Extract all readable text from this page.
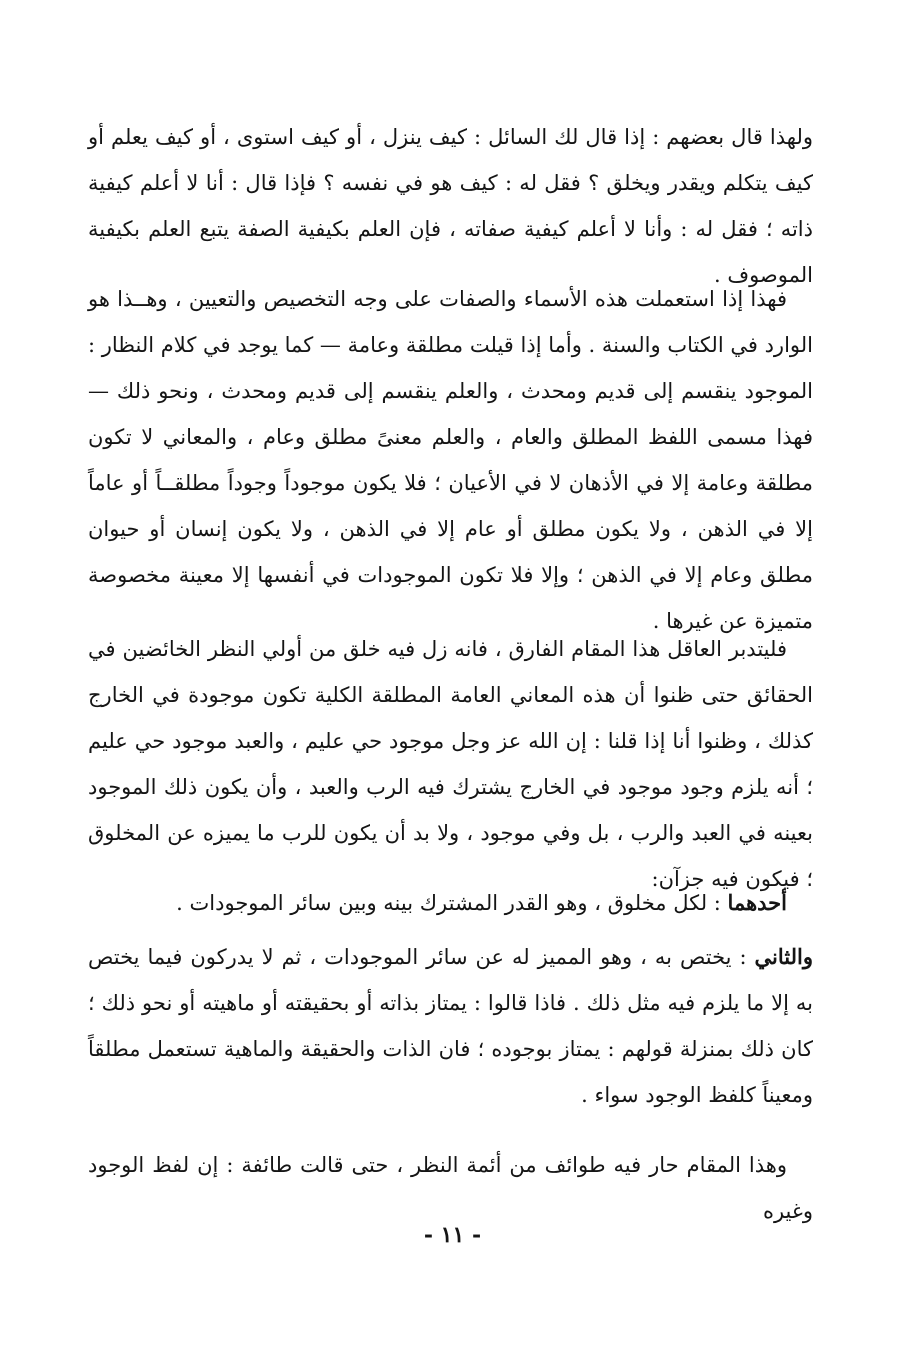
ولهذا قال بعضهم : إذا قال لك السائل : كيف ينزل ، أو كيف استوى ، أو كيف يعلم أو كيف يتكلم ويقدر ويخلق ؟ فقل له : كيف هو في نفسه ؟ فإذا قال : أنا لا أعلم كيفية ذاته ؛ فقل له : وأنا لا أعلم كيفية صفاته ، فإن العلم بكيفية الصفة يتبع العلم بكيفية الموصوف .

فهذا إذا استعملت هذه الأسماء والصفات على وجه التخصيص والتعيين ، وهــذا هو الوارد في الكتاب والسنة . وأما إذا قيلت مطلقة وعامة — كما يوجد في كلام النظار : الموجود ينقسم إلى قديم ومحدث ، والعلم ينقسم إلى قديم ومحدث ، ونحو ذلك — فهذا مسمى اللفظ المطلق والعام ، والعلم معنىً مطلق وعام ، والمعاني لا تكون مطلقة وعامة إلا في الأذهان لا في الأعيان ؛ فلا يكون موجوداً وجوداً مطلقــاً أو عاماً إلا في الذهن ، ولا يكون مطلق أو عام إلا في الذهن ، ولا يكون إنسان أو حيوان مطلق وعام إلا في الذهن ؛ وإلا فلا تكون الموجودات في أنفسها إلا معينة مخصوصة متميزة عن غيرها .

فليتدبر العاقل هذا المقام الفارق ، فانه زل فيه خلق من أولي النظر الخائضين في الحقائق حتى ظنوا أن هذه المعاني العامة المطلقة الكلية تكون موجودة في الخارج كذلك ، وظنوا أنا إذا قلنا : إن الله عز وجل موجود حي عليم ، والعبد موجود حي عليم ؛ أنه يلزم وجود موجود في الخارج يشترك فيه الرب والعبد ، وأن يكون ذلك الموجود بعينه في العبد والرب ، بل وفي موجود ، ولا بد أن يكون للرب ما يميزه عن المخلوق ؛ فيكون فيه جزآن:

أحدهما : لكل مخلوق ، وهو القدر المشترك بينه وبين سائر الموجودات .

والثاني : يختص به ، وهو المميز له عن سائر الموجودات ، ثم لا يدركون فيما يختص به إلا ما يلزم فيه مثل ذلك . فاذا قالوا : يمتاز بذاته أو بحقيقته أو ماهيته أو نحو ذلك ؛ كان ذلك بمنزلة قولهم : يمتاز بوجوده ؛ فان الذات والحقيقة والماهية تستعمل مطلقاً ومعيناً كلفظ الوجود سواء .

وهذا المقام حار فيه طوائف من أئمة النظر ، حتى قالت طائفة : إن لفظ الوجود وغيره

- ١١ -
